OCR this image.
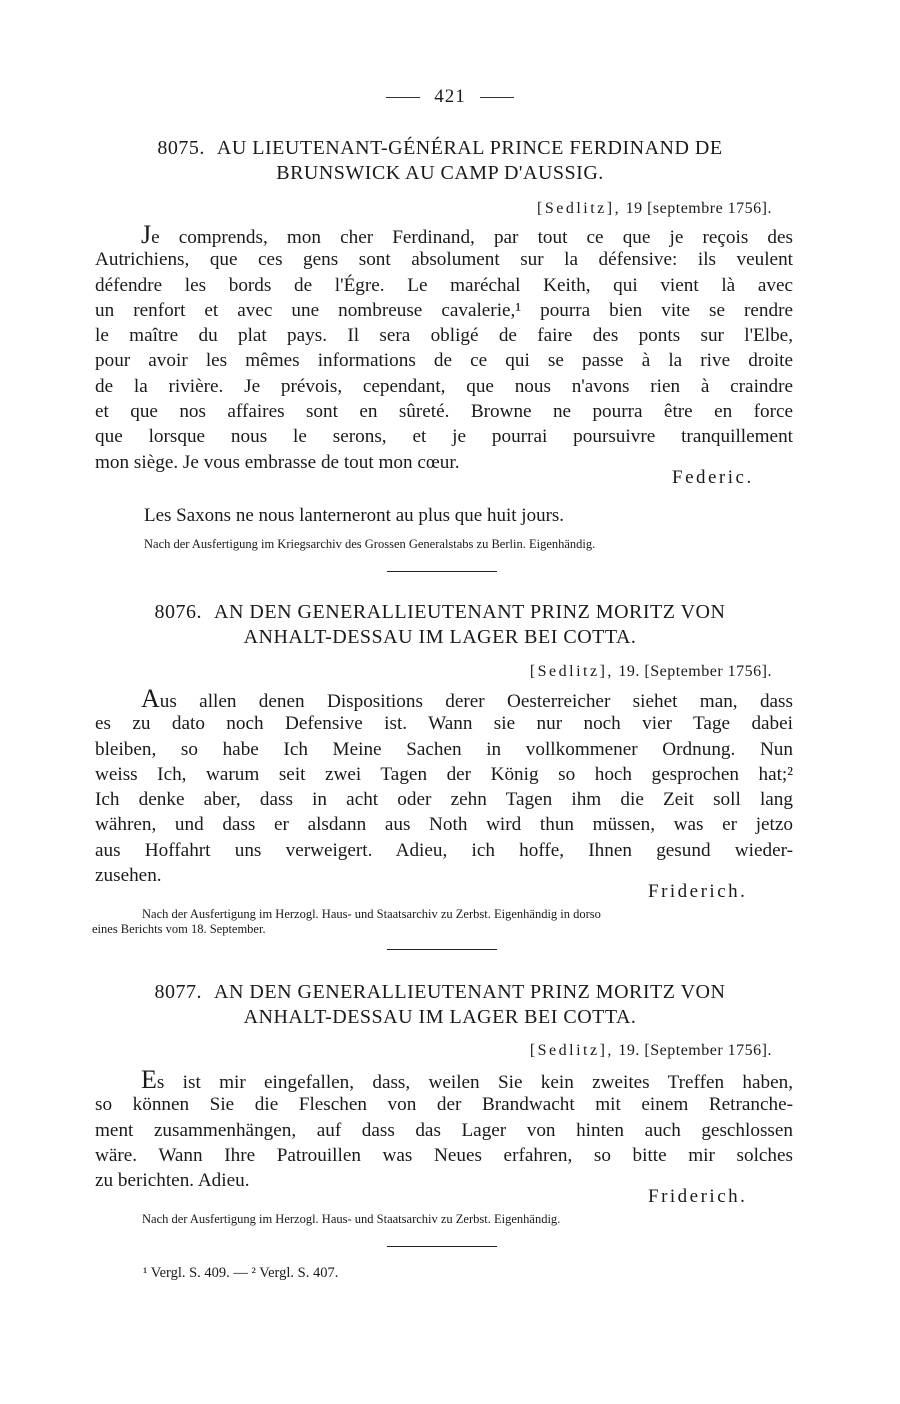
421
8075. AU LIEUTENANT-GÉNÉRAL PRINCE FERDINAND DE
BRUNSWICK AU CAMP D'AUSSIG.
[Sedlitz], 19 [septembre 1756].
Je comprends, mon cher Ferdinand, par tout ce que je reçois des
Autrichiens, que ces gens sont absolument sur la défensive: ils veulent
défendre les bords de l'Égre. Le maréchal Keith, qui vient là avec
un renfort et avec une nombreuse cavalerie,¹ pourra bien vite se rendre
le maître du plat pays. Il sera obligé de faire des ponts sur l'Elbe,
pour avoir les mêmes informations de ce qui se passe à la rive droite
de la rivière. Je prévois, cependant, que nous n'avons rien à craindre
et que nos affaires sont en sûreté. Browne ne pourra être en force
que lorsque nous le serons, et je pourrai poursuivre tranquillement
mon siège. Je vous embrasse de tout mon cœur.
Federic.
Les Saxons ne nous lanterneront au plus que huit jours.
Nach der Ausfertigung im Kriegsarchiv des Grossen Generalstabs zu Berlin. Eigenhändig.
8076. AN DEN GENERALLIEUTENANT PRINZ MORITZ VON
ANHALT-DESSAU IM LAGER BEI COTTA.
[Sedlitz], 19. [September 1756].
Aus allen denen Dispositions derer Oesterreicher siehet man, dass
es zu dato noch Defensive ist. Wann sie nur noch vier Tage dabei
bleiben, so habe Ich Meine Sachen in vollkommener Ordnung. Nun
weiss Ich, warum seit zwei Tagen der König so hoch gesprochen hat;²
Ich denke aber, dass in acht oder zehn Tagen ihm die Zeit soll lang
währen, und dass er alsdann aus Noth wird thun müssen, was er jetzo
aus Hoffahrt uns verweigert. Adieu, ich hoffe, Ihnen gesund wieder-
zusehen.
Friderich.
Nach der Ausfertigung im Herzogl. Haus- und Staatsarchiv zu Zerbst. Eigenhändig in dorso
eines Berichts vom 18. September.
8077. AN DEN GENERALLIEUTENANT PRINZ MORITZ VON
ANHALT-DESSAU IM LAGER BEI COTTA.
[Sedlitz], 19. [September 1756].
Es ist mir eingefallen, dass, weilen Sie kein zweites Treffen haben,
so können Sie die Fleschen von der Brandwacht mit einem Retranche-
ment zusammenhängen, auf dass das Lager von hinten auch geschlossen
wäre. Wann Ihre Patrouillen was Neues erfahren, so bitte mir solches
zu berichten. Adieu.
Friderich.
Nach der Ausfertigung im Herzogl. Haus- und Staatsarchiv zu Zerbst. Eigenhändig.
¹ Vergl. S. 409. — ² Vergl. S. 407.
